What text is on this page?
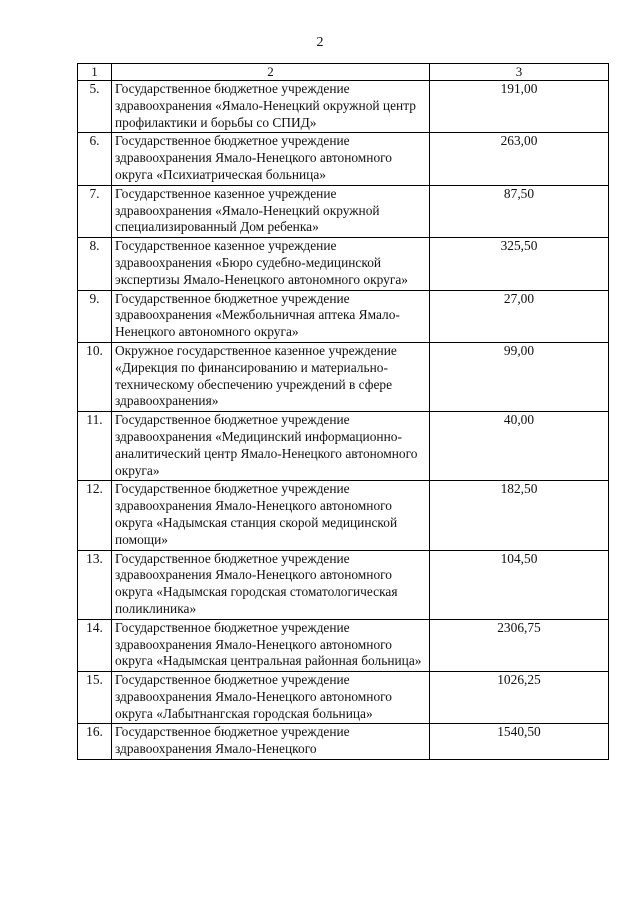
2
1	2	3
5.	Государственное бюджетное учреждение здравоохранения «Ямало-Ненецкий окружной центр профилактики и борьбы со СПИД»	191,00
6.	Государственное бюджетное учреждение здравоохранения Ямало-Ненецкого автономного округа «Психиатрическая больница»	263,00
7.	Государственное казенное учреждение здравоохранения «Ямало-Ненецкий окружной специализированный Дом ребенка»	87,50
8.	Государственное казенное учреждение здравоохранения «Бюро судебно-медицинской экспертизы Ямало-Ненецкого автономного округа»	325,50
9.	Государственное бюджетное учреждение здравоохранения «Межбольничная аптека Ямало-Ненецкого автономного округа»	27,00
10.	Окружное государственное казенное учреждение «Дирекция по финансированию и материально-техническому обеспечению учреждений в сфере здравоохранения»	99,00
11.	Государственное бюджетное учреждение здравоохранения «Медицинский информационно-аналитический центр Ямало-Ненецкого автономного округа»	40,00
12.	Государственное бюджетное учреждение здравоохранения Ямало-Ненецкого автономного округа «Надымская станция скорой медицинской помощи»	182,50
13.	Государственное бюджетное учреждение здравоохранения Ямало-Ненецкого автономного округа «Надымская городская стоматологическая поликлиника»	104,50
14.	Государственное бюджетное учреждение здравоохранения Ямало-Ненецкого автономного округа «Надымская центральная районная больница»	2306,75
15.	Государственное бюджетное учреждение здравоохранения Ямало-Ненецкого автономного округа «Лабытнангская городская больница»	1026,25
16.	Государственное бюджетное учреждение здравоохранения Ямало-Ненецкого	1540,50
